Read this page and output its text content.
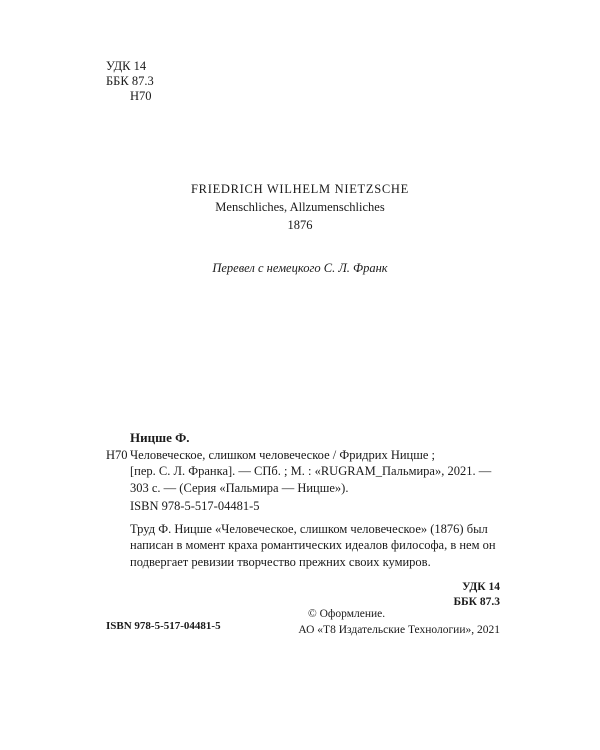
УДК 14
ББК 87.3
Н70
FRIEDRICH WILHELM NIETZSCHE
Menschliches, Allzumenschliches
1876
Перевел с немецкого С. Л. Франк
Ницше Ф.
Н70 Человеческое, слишком человеческое / Фридрих Ницше ;
[пер. С. Л. Франка]. — СПб. ; М. : «RUGRAM_Пальмира», 2021. —
303 с. — (Серия «Пальмира — Ницше»).
ISBN 978-5-517-04481-5
Труд Ф. Ницше «Человеческое, слишком человеческое» (1876) был
написан в момент краха романтических идеалов философа, в нем он
подвергает ревизии творчество прежних своих кумиров.
УДК 14
ББК 87.3
ISBN 978-5-517-04481-5
© Оформление.
АО «Т8 Издательские Технологии», 2021
